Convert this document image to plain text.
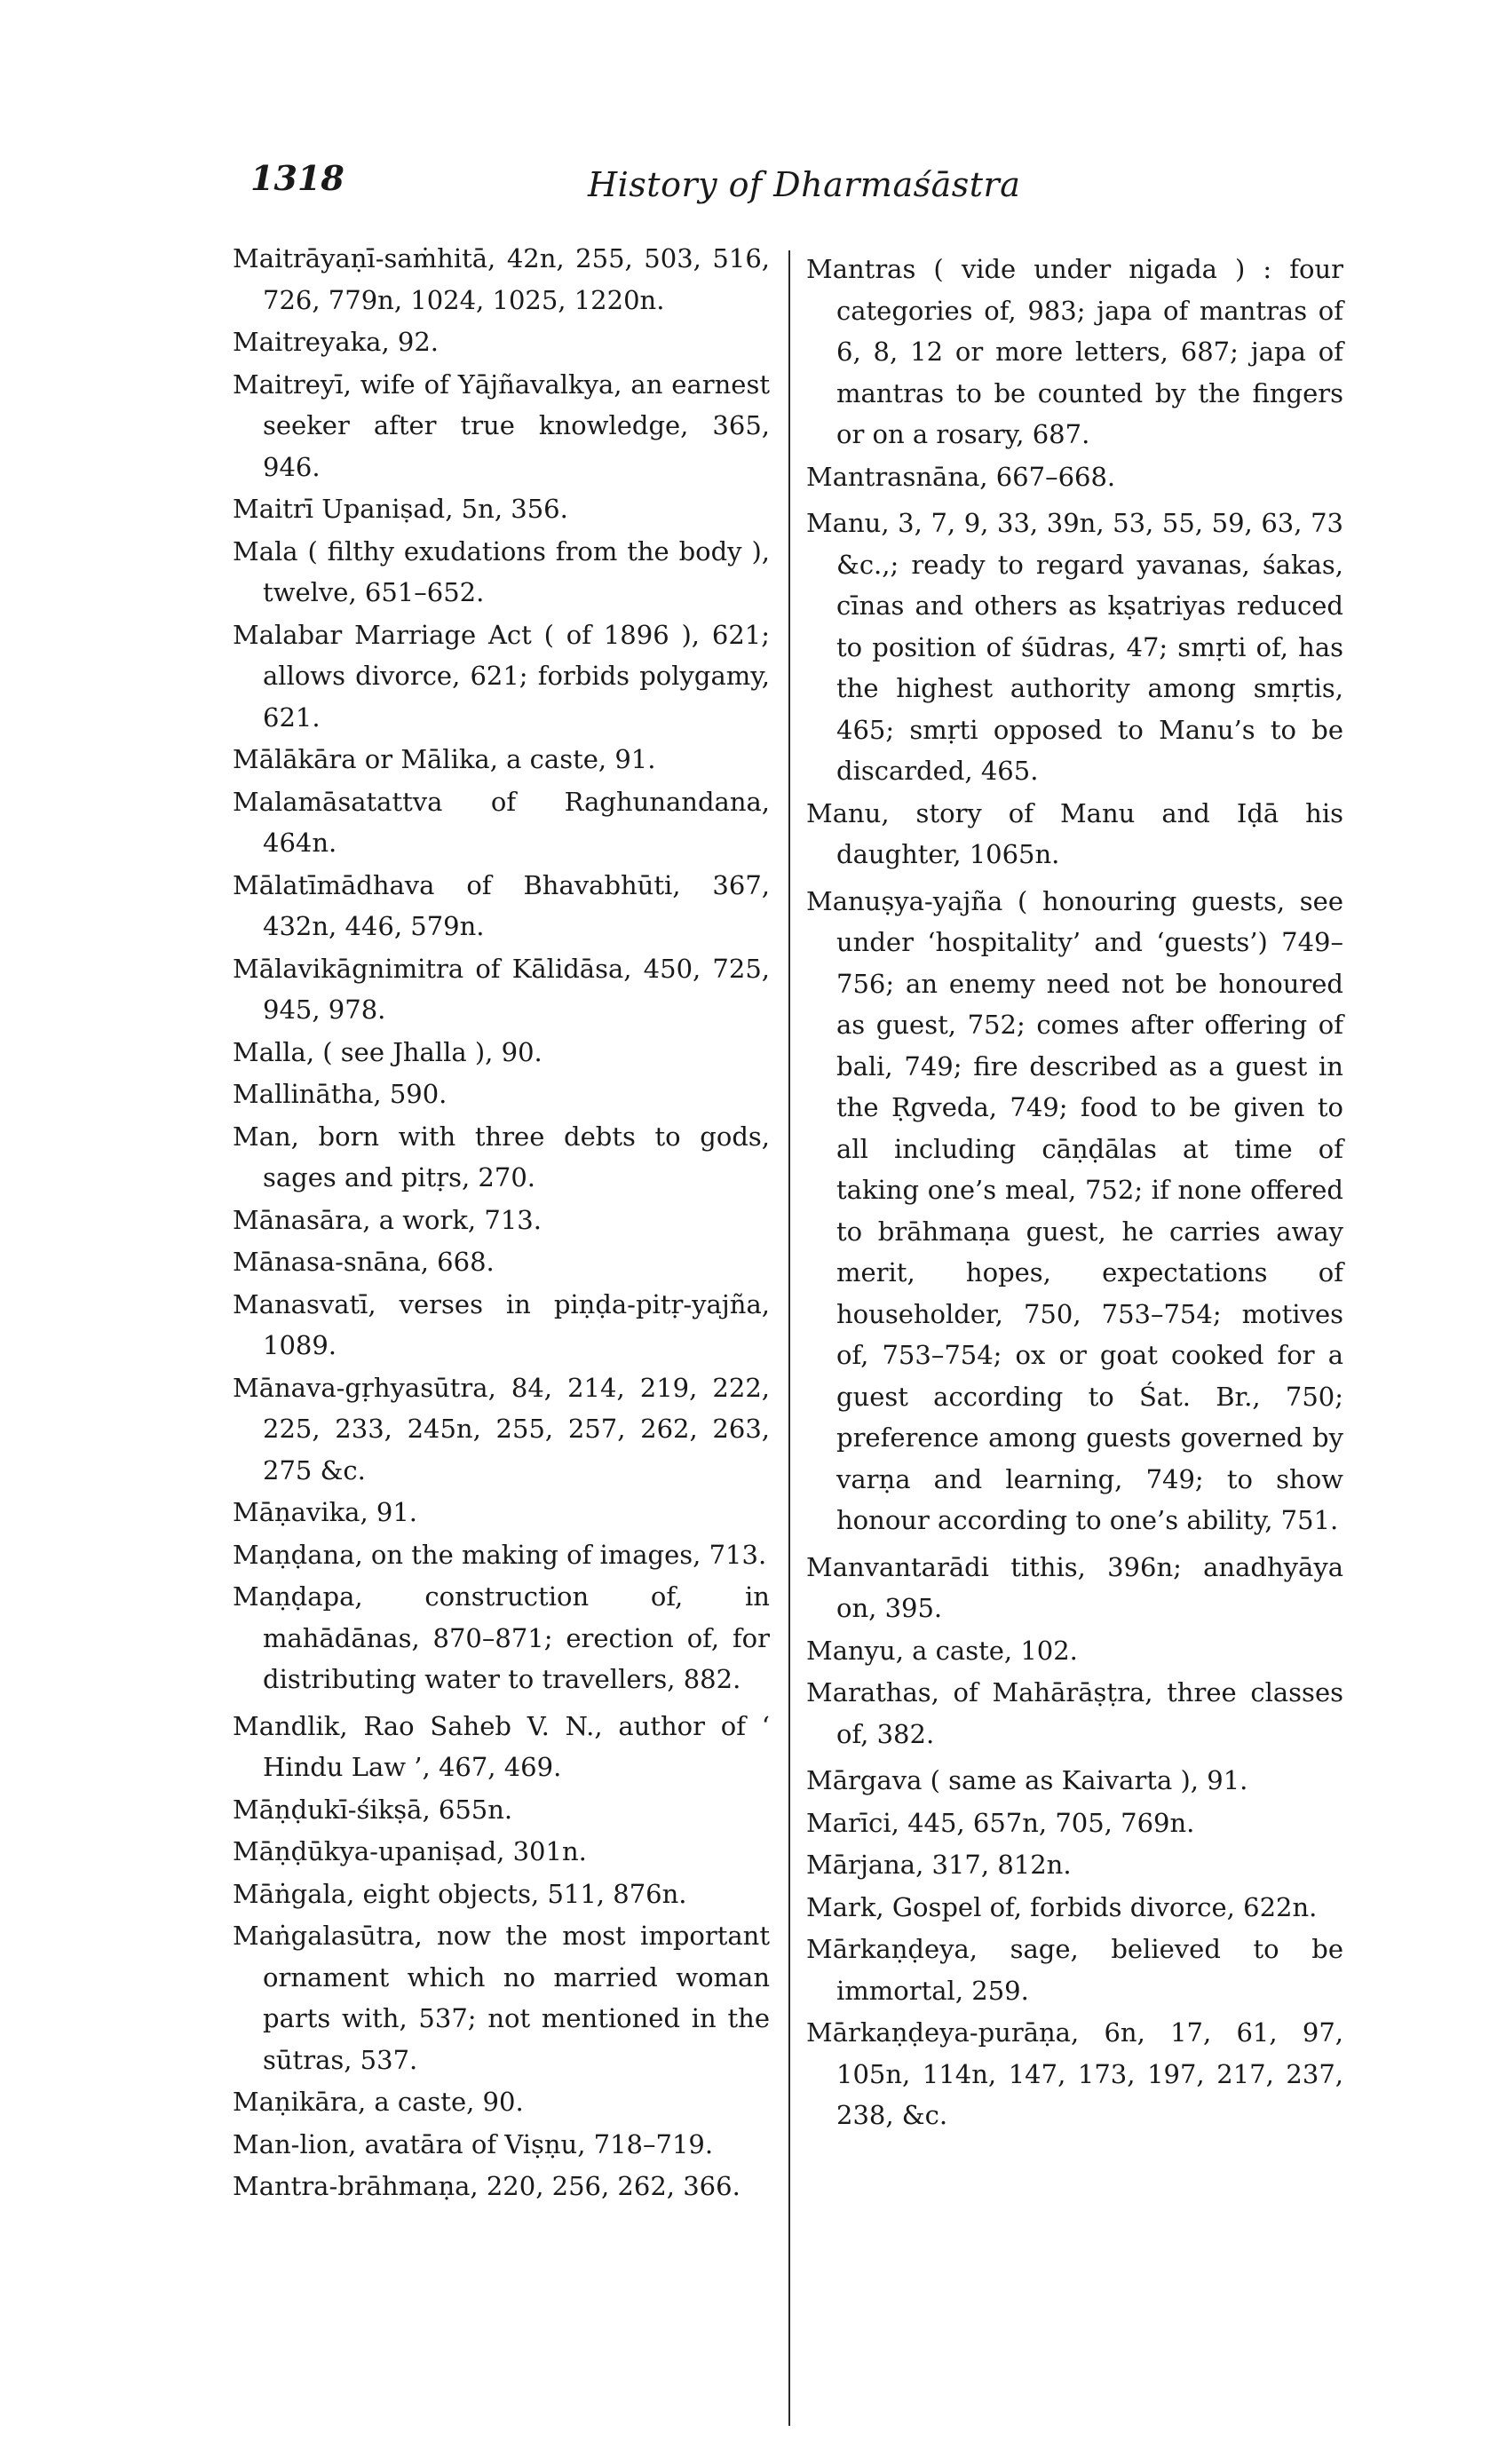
1318	History of Dharmaśāstra

Maitrāyaṇī-saṁhitā, 42n, 255, 503, 516, 726, 779n, 1024, 1025, 1220n.

Maitreyaka, 92.

Maitreyī, wife of Yājñavalkya, an earnest seeker after true knowledge, 365, 946.

Maitrī Upaniṣad, 5n, 356.

Mala ( filthy exudations from the body ), twelve, 651–652.

Malabar Marriage Act ( of 1896 ), 621; allows divorce, 621; forbids polygamy, 621.

Mālākāra or Mālika, a caste, 91.

Malamāsatattva of Raghunandana, 464n.

Mālatīmādhava of Bhavabhūti, 367, 432n, 446, 579n.

Mālavikāgnimitra of Kālidāsa, 450, 725, 945, 978.

Malla, ( see Jhalla ), 90.

Mallinātha, 590.

Man, born with three debts to gods, sages and pitṛs, 270.

Mānasāra, a work, 713.

Mānasa-snāna, 668.

Manasvatī, verses in piṇḍa-pitṛ-yajña, 1089.

Mānava-gṛhyasūtra, 84, 214, 219, 222, 225, 233, 245n, 255, 257, 262, 263, 275 &c.

Māṇavika, 91.

Maṇḍana, on the making of images, 713.

Maṇḍapa, construction of, in mahādānas, 870–871; erection of, for distributing water to travellers, 882.

Mandlik, Rao Saheb V. N., author of ‘ Hindu Law ’, 467, 469.

Māṇḍukī-śikṣā, 655n.

Māṇḍūkya-upaniṣad, 301n.

Māṅgala, eight objects, 511, 876n.

Maṅgalasūtra, now the most important ornament which no married woman parts with, 537; not mentioned in the sūtras, 537.

Maṇikāra, a caste, 90.

Man-lion, avatāra of Viṣṇu, 718–719.

Mantra-brāhmaṇa, 220, 256, 262, 366.

Mantras ( vide under nigada ) : four categories of, 983; japa of mantras of 6, 8, 12 or more letters, 687; japa of mantras to be counted by the fingers or on a rosary, 687.

Mantrasnāna, 667–668.

Manu, 3, 7, 9, 33, 39n, 53, 55, 59, 63, 73 &c.,; ready to regard yavanas, śakas, cīnas and others as kṣatriyas reduced to position of śūdras, 47; smṛti of, has the highest authority among smṛtis, 465; smṛti opposed to Manu’s to be discarded, 465.

Manu, story of Manu and Iḍā his daughter, 1065n.

Manuṣya-yajña ( honouring guests, see under ‘hospitality’ and ‘guests’) 749–756; an enemy need not be honoured as guest, 752; comes after offering of bali, 749; fire described as a guest in the Ṛgveda, 749; food to be given to all including cāṇḍālas at time of taking one’s meal, 752; if none offered to brāhmaṇa guest, he carries away merit, hopes, expectations of householder, 750, 753–754; motives of, 753–754; ox or goat cooked for a guest according to Śat. Br., 750; preference among guests governed by varṇa and learning, 749; to show honour according to one’s ability, 751.

Manvantarādi tithis, 396n; anadhyāya on, 395.

Manyu, a caste, 102.

Marathas, of Mahārāṣṭra, three classes of, 382.

Mārgava ( same as Kaivarta ), 91.

Marīci, 445, 657n, 705, 769n.

Mārjana, 317, 812n.

Mark, Gospel of, forbids divorce, 622n.

Mārkaṇḍeya, sage, believed to be immortal, 259.

Mārkaṇḍeya-purāṇa, 6n, 17, 61, 97, 105n, 114n, 147, 173, 197, 217, 237, 238, &c.
